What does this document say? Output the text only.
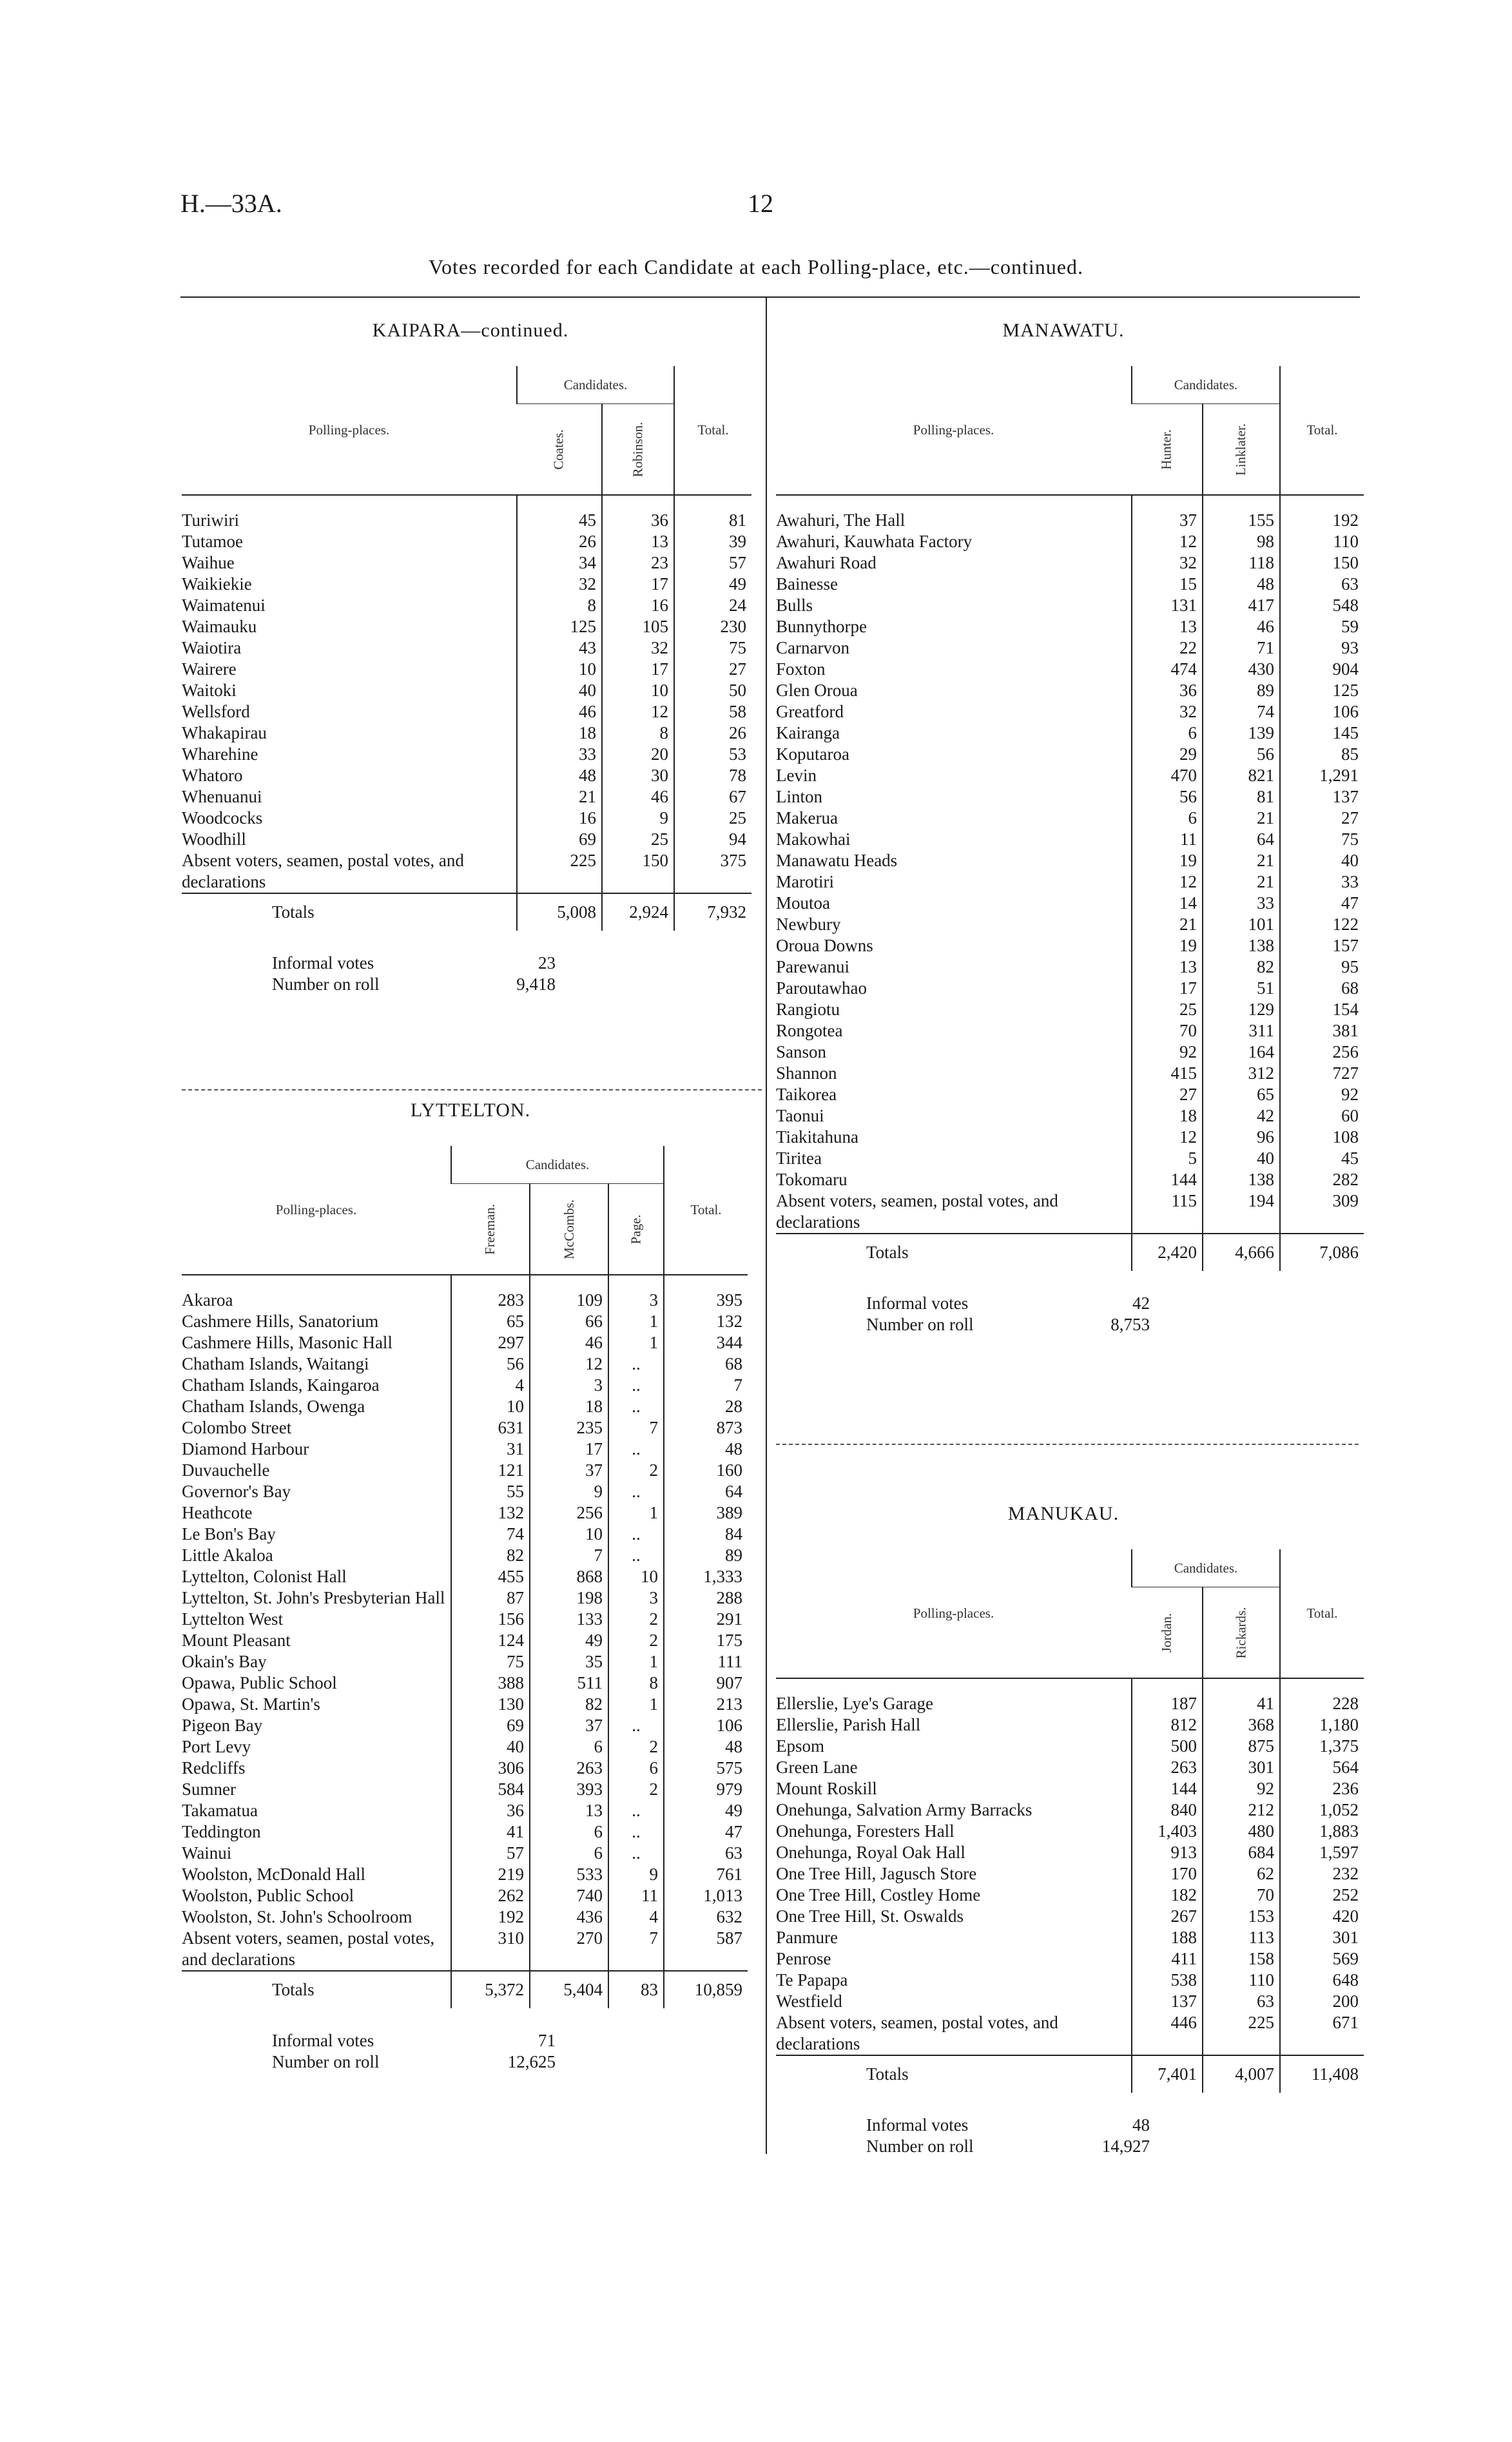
H.—33A.	12
Votes recorded for each Candidate at each Polling-place, etc.—continued.
KAIPARA—continued.
Polling-places.	Candidates.		Total.
	Coates.	Robinson.	
Turiwiri	45	36	81
Tutamoe	26	13	39
Waihue	34	23	57
Waikiekie	32	17	49
Waimatenui	8	16	24
Waimauku	125	105	230
Waiotira	43	32	75
Wairere	10	17	27
Waitoki	40	10	50
Wellsford	46	12	58
Whakapirau	18	8	26
Wharehine	33	20	53
Whatoro	48	30	78
Whenuanui	21	46	67
Woodcocks	16	9	25
Woodhill	69	25	94
Absent voters, seamen, postal votes, and declarations	225	150	375
Totals	5,008	2,924	7,932
Informal votes	23
Number on roll	9,418
MANAWATU.
Polling-places.	Candidates.		Total.
	Hunter.	Linklater.	
Awahuri, The Hall	37	155	192
Awahuri, Kauwhata Factory	12	98	110
Awahuri Road	32	118	150
Bainesse	15	48	63
Bulls	131	417	548
Bunnythorpe	13	46	59
Carnarvon	22	71	93
Foxton	474	430	904
Glen Oroua	36	89	125
Greatford	32	74	106
Kairanga	6	139	145
Koputaroa	29	56	85
Levin	470	821	1,291
Linton	56	81	137
Makerua	6	21	27
Makowhai	11	64	75
Manawatu Heads	19	21	40
Marotiri	12	21	33
Moutoa	14	33	47
Newbury	21	101	122
Oroua Downs	19	138	157
Parewanui	13	82	95
Paroutawhao	17	51	68
Rangiotu	25	129	154
Rongotea	70	311	381
Sanson	92	164	256
Shannon	415	312	727
Taikorea	27	65	92
Taonui	18	42	60
Tiakitahuna	12	96	108
Tiritea	5	40	45
Tokomaru	144	138	282
Absent voters, seamen, postal votes, and declarations	115	194	309
Totals	2,420	4,666	7,086
Informal votes	42
Number on roll	8,753
LYTTELTON.
Polling-places.	Candidates.			Total.
	Freeman.	McCombs.	Page.	
Akaroa	283	109	3	395
Cashmere Hills, Sanatorium	65	66	1	132
Cashmere Hills, Masonic Hall	297	46	1	344
Chatham Islands, Waitangi	56	12	..	68
Chatham Islands, Kaingaroa	4	3	..	7
Chatham Islands, Owenga	10	18	..	28
Colombo Street	631	235	7	873
Diamond Harbour	31	17	..	48
Duvauchelle	121	37	2	160
Governor's Bay	55	9	..	64
Heathcote	132	256	1	389
Le Bon's Bay	74	10	..	84
Little Akaloa	82	7	..	89
Lyttelton, Colonist Hall	455	868	10	1,333
Lyttelton, St. John's Presbyterian Hall	87	198	3	288
Lyttelton West	156	133	2	291
Mount Pleasant	124	49	2	175
Okain's Bay	75	35	1	111
Opawa, Public School	388	511	8	907
Opawa, St. Martin's	130	82	1	213
Pigeon Bay	69	37	..	106
Port Levy	40	6	2	48
Redcliffs	306	263	6	575
Sumner	584	393	2	979
Takamatua	36	13	..	49
Teddington	41	6	..	47
Wainui	57	6	..	63
Woolston, McDonald Hall	219	533	9	761
Woolston, Public School	262	740	11	1,013
Woolston, St. John's Schoolroom	192	436	4	632
Absent voters, seamen, postal votes, and declarations	310	270	7	587
Totals	5,372	5,404	83	10,859
Informal votes	71
Number on roll	12,625
MANUKAU.
Polling-places.	Candidates.		Total.
	Jordan.	Rickards.	
Ellerslie, Lye's Garage	187	41	228
Ellerslie, Parish Hall	812	368	1,180
Epsom	500	875	1,375
Green Lane	263	301	564
Mount Roskill	144	92	236
Onehunga, Salvation Army Barracks	840	212	1,052
Onehunga, Foresters Hall	1,403	480	1,883
Onehunga, Royal Oak Hall	913	684	1,597
One Tree Hill, Jagusch Store	170	62	232
One Tree Hill, Costley Home	182	70	252
One Tree Hill, St. Oswalds	267	153	420
Panmure	188	113	301
Penrose	411	158	569
Te Papapa	538	110	648
Westfield	137	63	200
Absent voters, seamen, postal votes, and declarations	446	225	671
Totals	7,401	4,007	11,408
Informal votes	48
Number on roll	14,927
